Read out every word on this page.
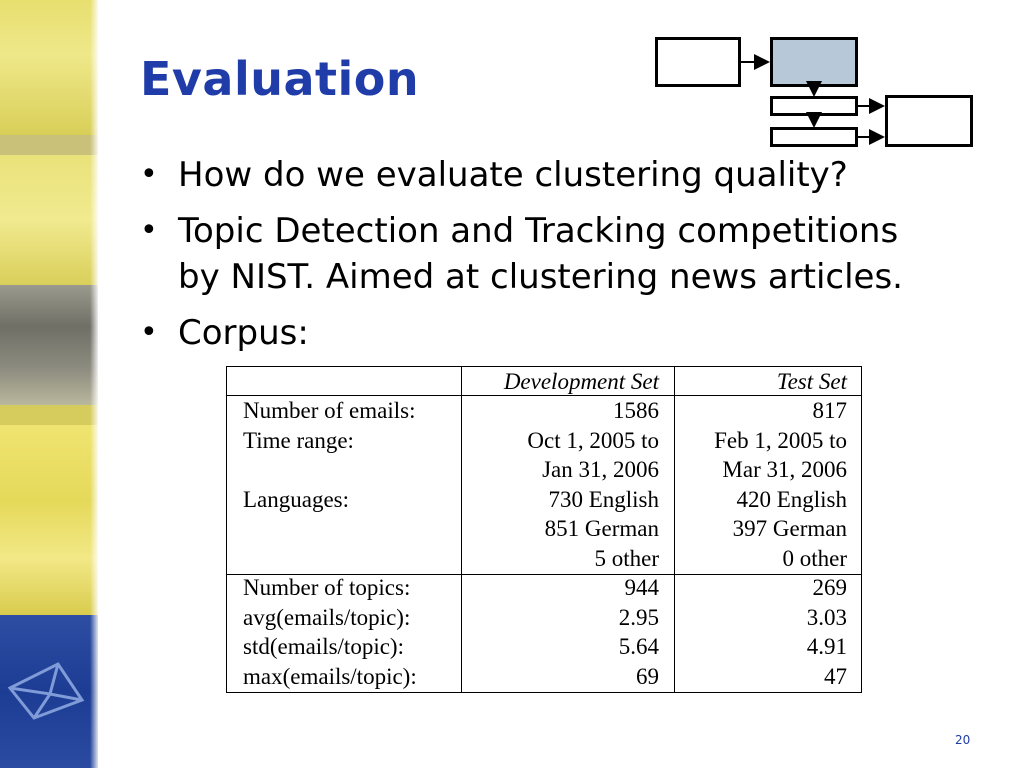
Evaluation
• How do we evaluate clustering quality?
• Topic Detection and Tracking competitions by NIST. Aimed at clustering news articles.
• Corpus:
Development Set	Test Set
Number of emails:	1586	817
Time range:	Oct 1, 2005 to	Feb 1, 2005 to
Jan 31, 2006	Mar 31, 2006
Languages:	730 English	420 English
851 German	397 German
5 other	0 other
Number of topics:	944	269
avg(emails/topic):	2.95	3.03
std(emails/topic):	5.64	4.91
max(emails/topic):	69	47
20
